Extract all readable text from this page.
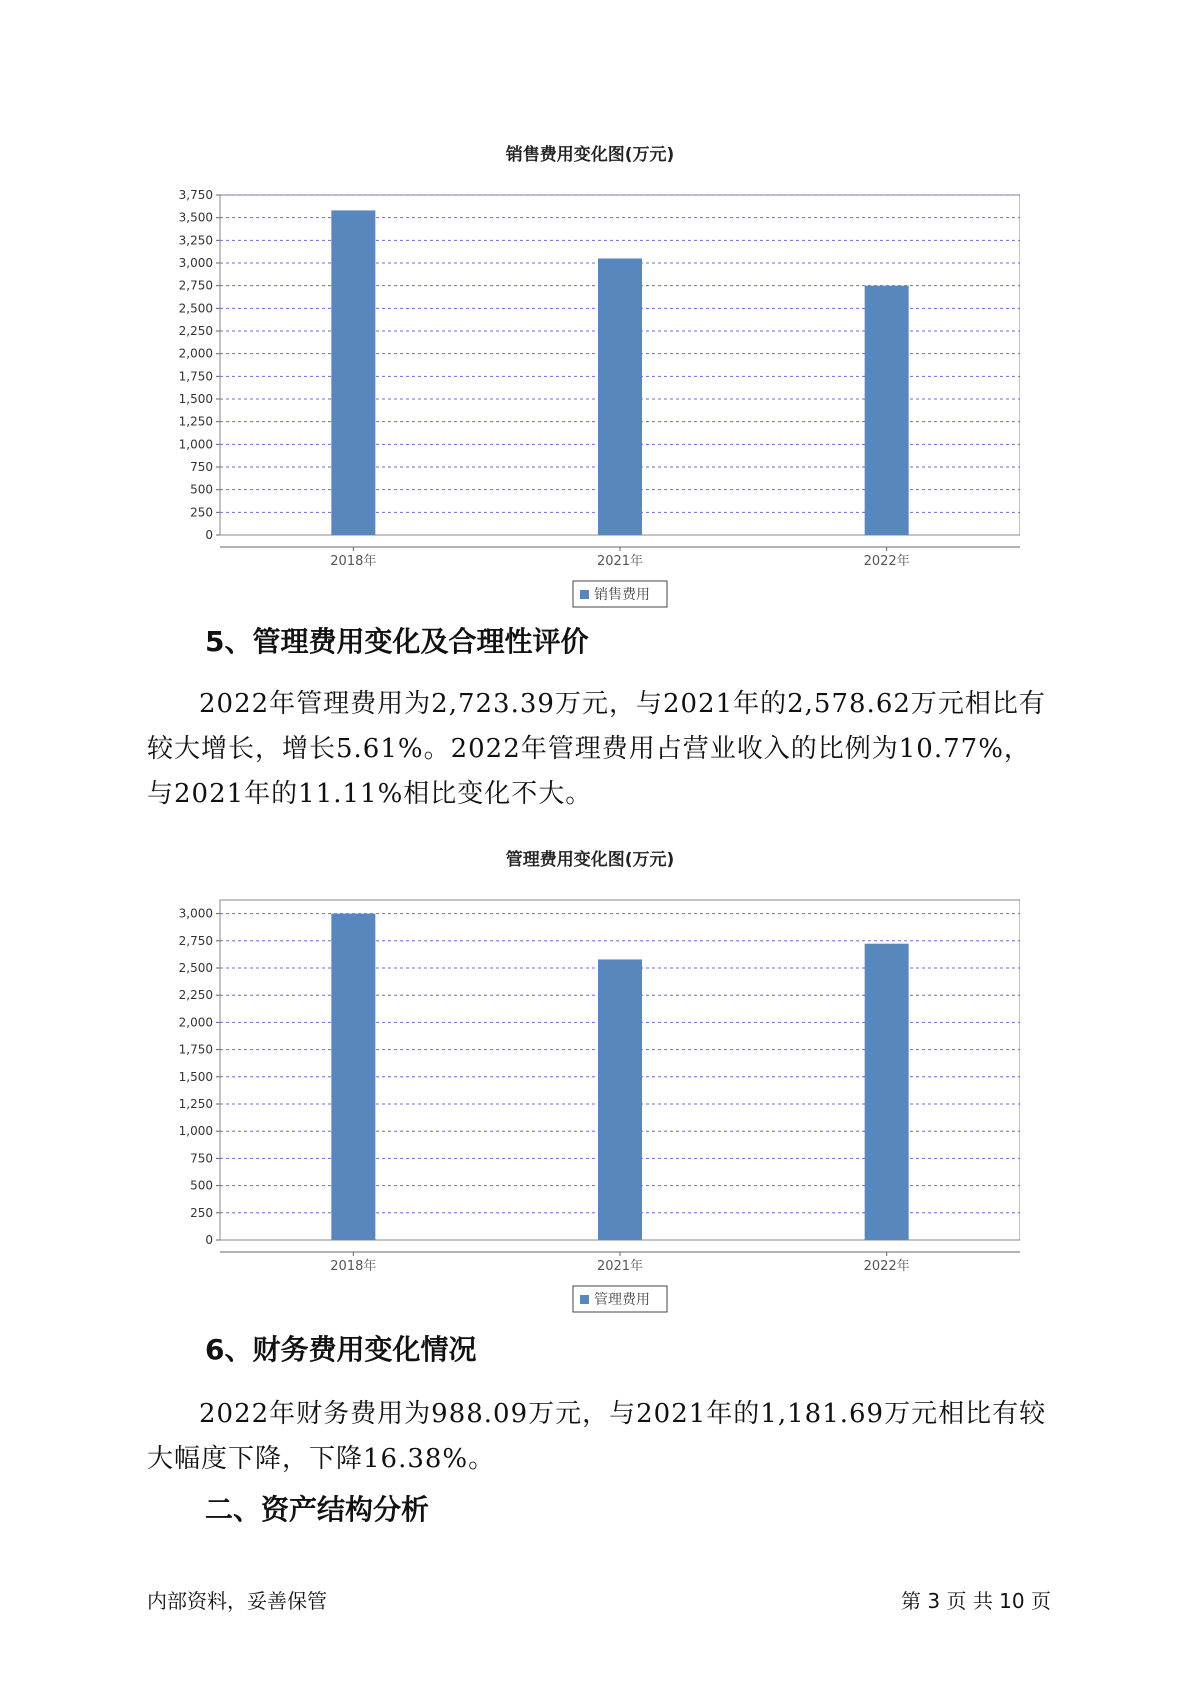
销售费用变化图(万元)

0
250
500
750
1,000
1,250
1,500
1,750
2,000
2,250
2,500
2,750
3,000
3,250
3,500
3,750
2018年	2021年	2022年
销售费用
5、管理费用变化及合理性评价

2022年管理费用为2,723.39万元，与2021年的2,578.62万元相比有较大增长，增长5.61%。2022年管理费用占营业收入的比例为10.77%，与2021年的11.11%相比变化不大。

管理费用变化图(万元)

0
250
500
750
1,000
1,250
1,500
1,750
2,000
2,250
2,500
2,750
3,000
2018年	2021年	2022年
管理费用
6、财务费用变化情况

2022年财务费用为988.09万元，与2021年的1,181.69万元相比有较大幅度下降，下降16.38%。

二、资产结构分析
内部资料，妥善保管	第 3 页 共 10 页
